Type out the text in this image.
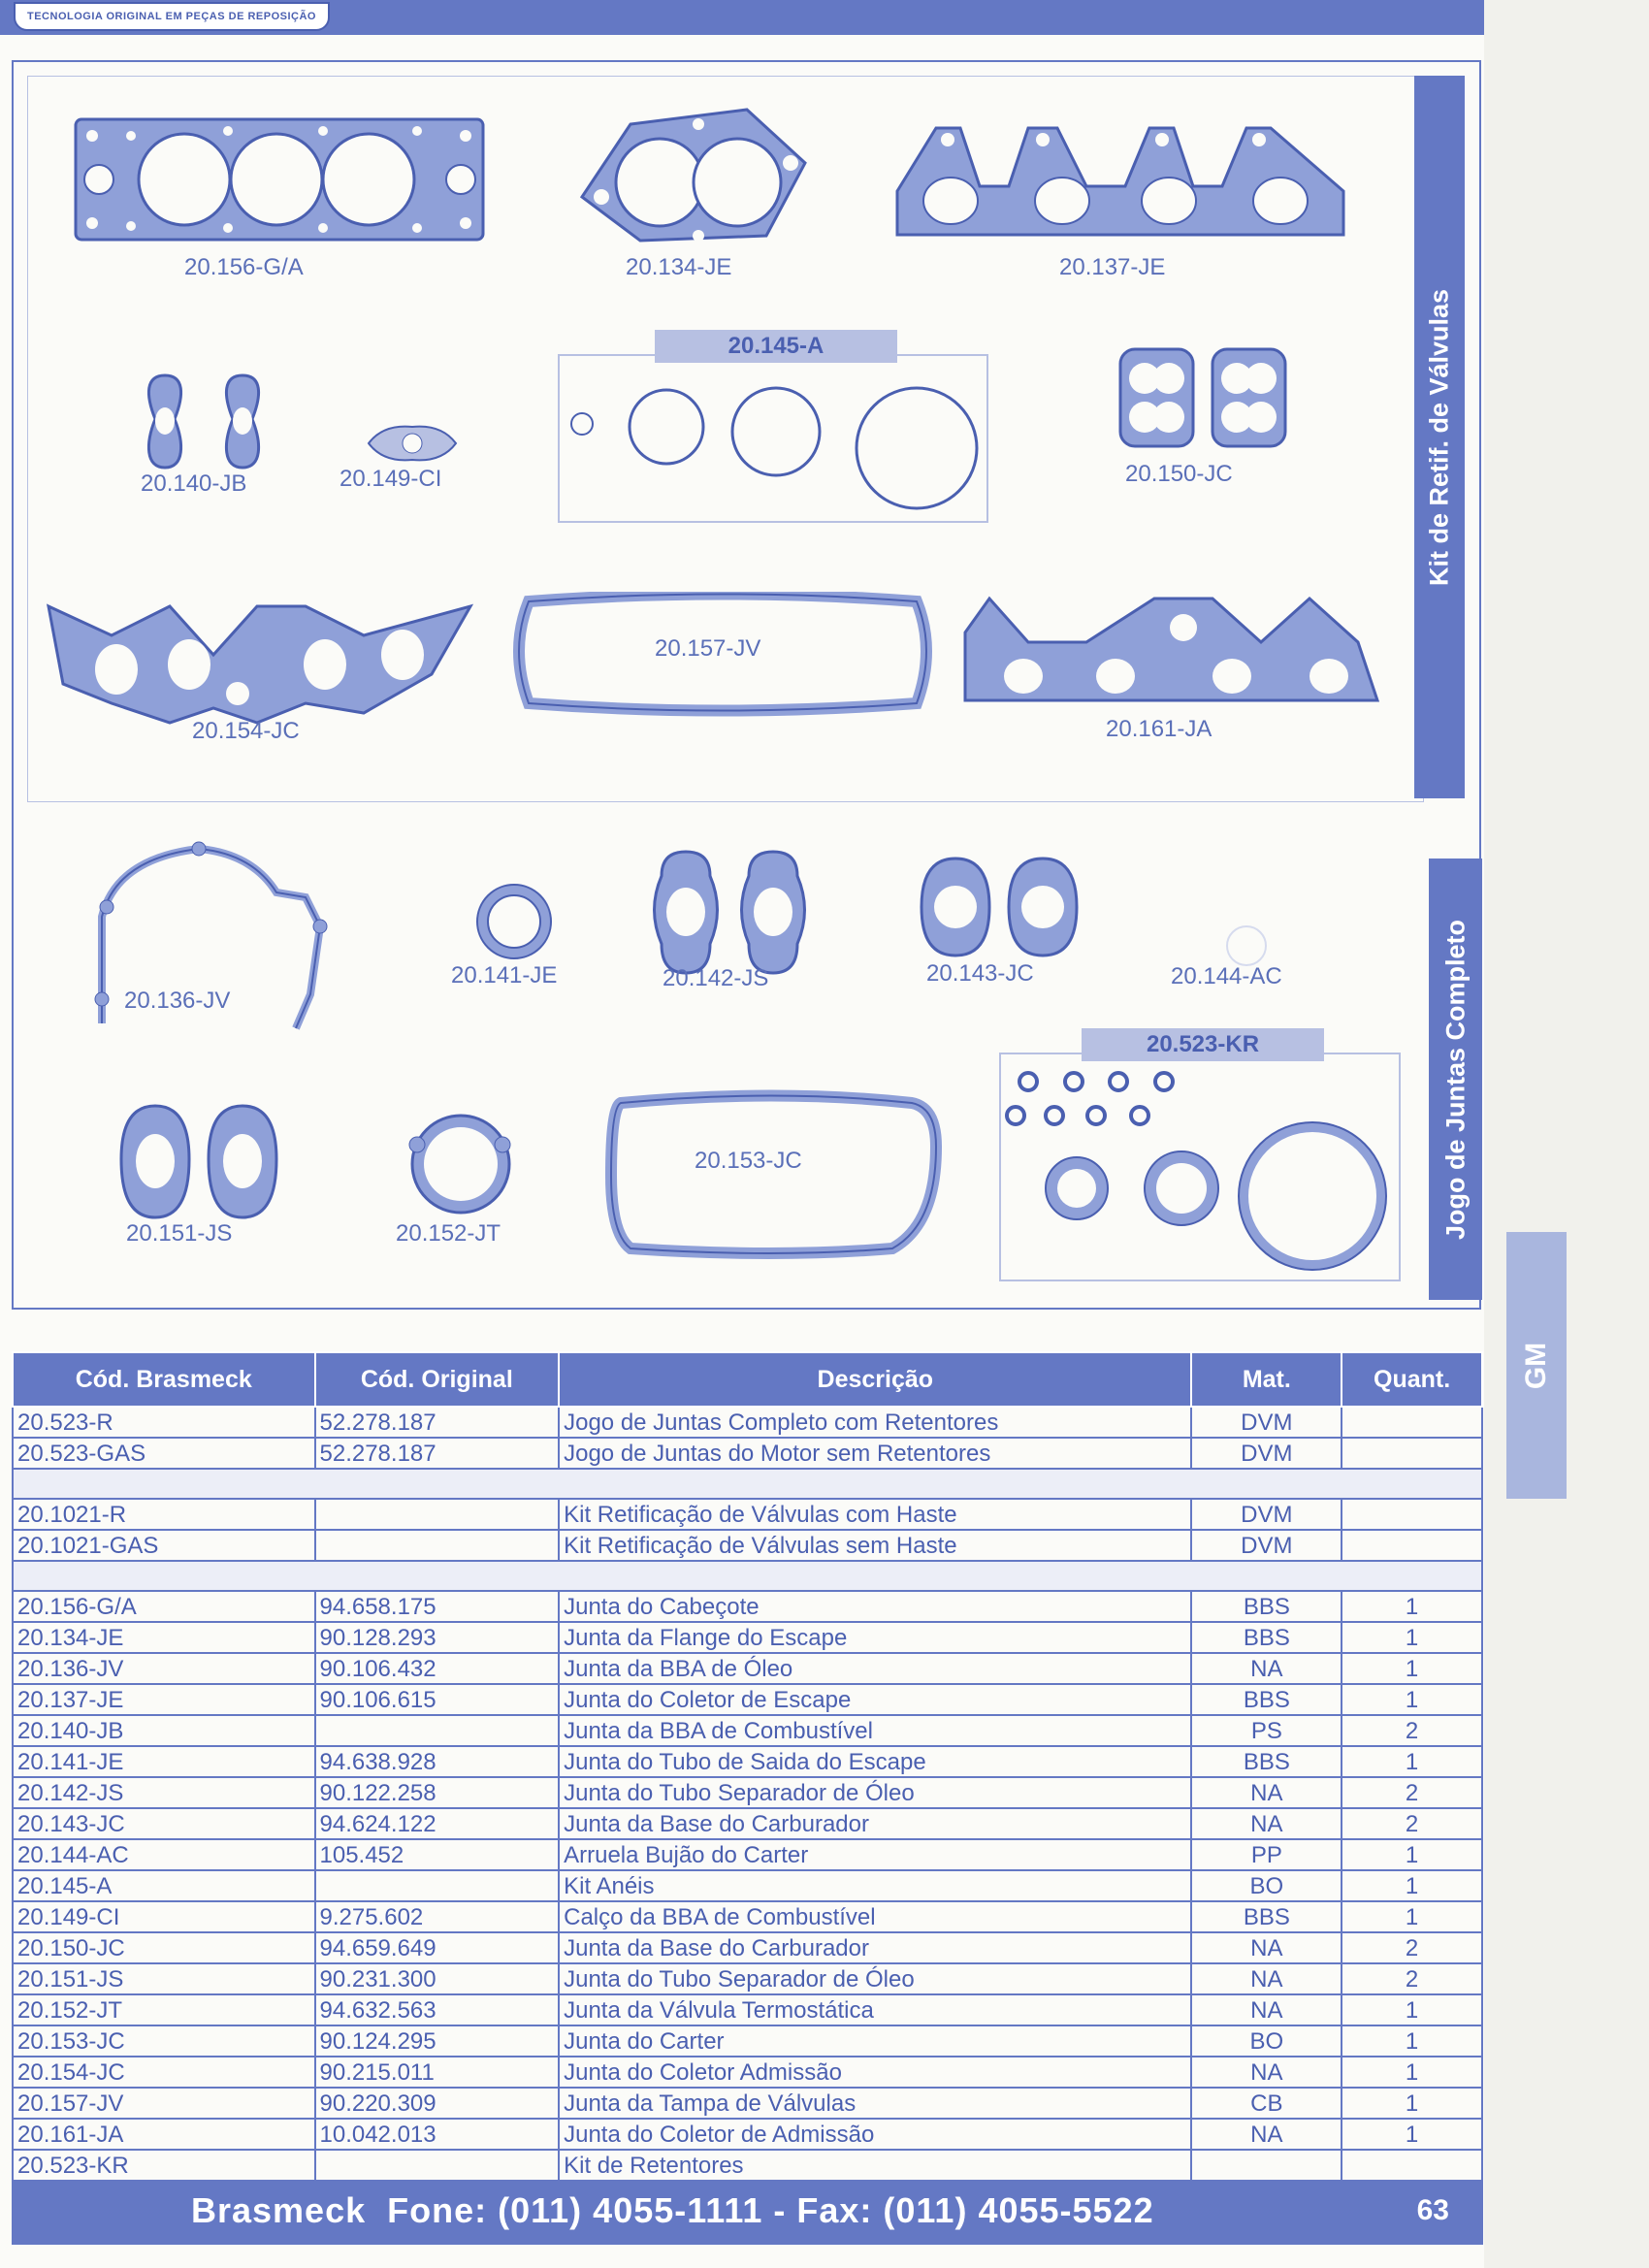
TECNOLOGIA ORIGINAL EM PEÇAS DE REPOSIÇÃO
GM
Kit de Retif. de Válvulas
Jogo de Juntas Completo
20.156-G/A	20.134-JE	20.137-JE
20.145-A
20.140-JB	20.149-CI	20.150-JC
20.154-JC
20.157-JV
20.161-JA
20.136-JV
20.141-JE	20.142-JS	20.143-JC	20.144-AC
20.523-KR
20.151-JS	20.152-JT
20.153-JC
Cód. Brasmeck	Cód. Original	Descrição	Mat.	Quant.
20.523-R	52.278.187	Jogo de Juntas Completo com Retentores	DVM	
20.523-GAS	52.278.187	Jogo de Juntas do Motor sem Retentores	DVM	

20.1021-R		Kit Retificação de Válvulas com Haste	DVM	
20.1021-GAS		Kit Retificação de Válvulas sem Haste	DVM	

20.156-G/A	94.658.175	Junta do Cabeçote	BBS	1
20.134-JE	90.128.293	Junta da Flange do Escape	BBS	1
20.136-JV	90.106.432	Junta da BBA de Óleo	NA	1
20.137-JE	90.106.615	Junta do Coletor de Escape	BBS	1
20.140-JB		Junta da BBA de Combustível	PS	2
20.141-JE	94.638.928	Junta do Tubo de Saida do Escape	BBS	1
20.142-JS	90.122.258	Junta do Tubo Separador de Óleo	NA	2
20.143-JC	94.624.122	Junta da Base do Carburador	NA	2
20.144-AC	105.452	Arruela Bujão do Carter	PP	1
20.145-A		Kit Anéis	BO	1
20.149-CI	9.275.602	Calço da BBA de Combustível	BBS	1
20.150-JC	94.659.649	Junta da Base do Carburador	NA	2
20.151-JS	90.231.300	Junta do Tubo Separador de Óleo	NA	2
20.152-JT	94.632.563	Junta da Válvula Termostática	NA	1
20.153-JC	90.124.295	Junta do Carter	BO	1
20.154-JC	90.215.011	Junta do Coletor Admissão	NA	1
20.157-JV	90.220.309	Junta da Tampa de Válvulas	CB	1
20.161-JA	10.042.013	Junta do Coletor de Admissão	NA	1
20.523-KR		Kit de Retentores		
Brasmeck  Fone: (011) 4055-1111 - Fax: (011) 4055-5522	63
